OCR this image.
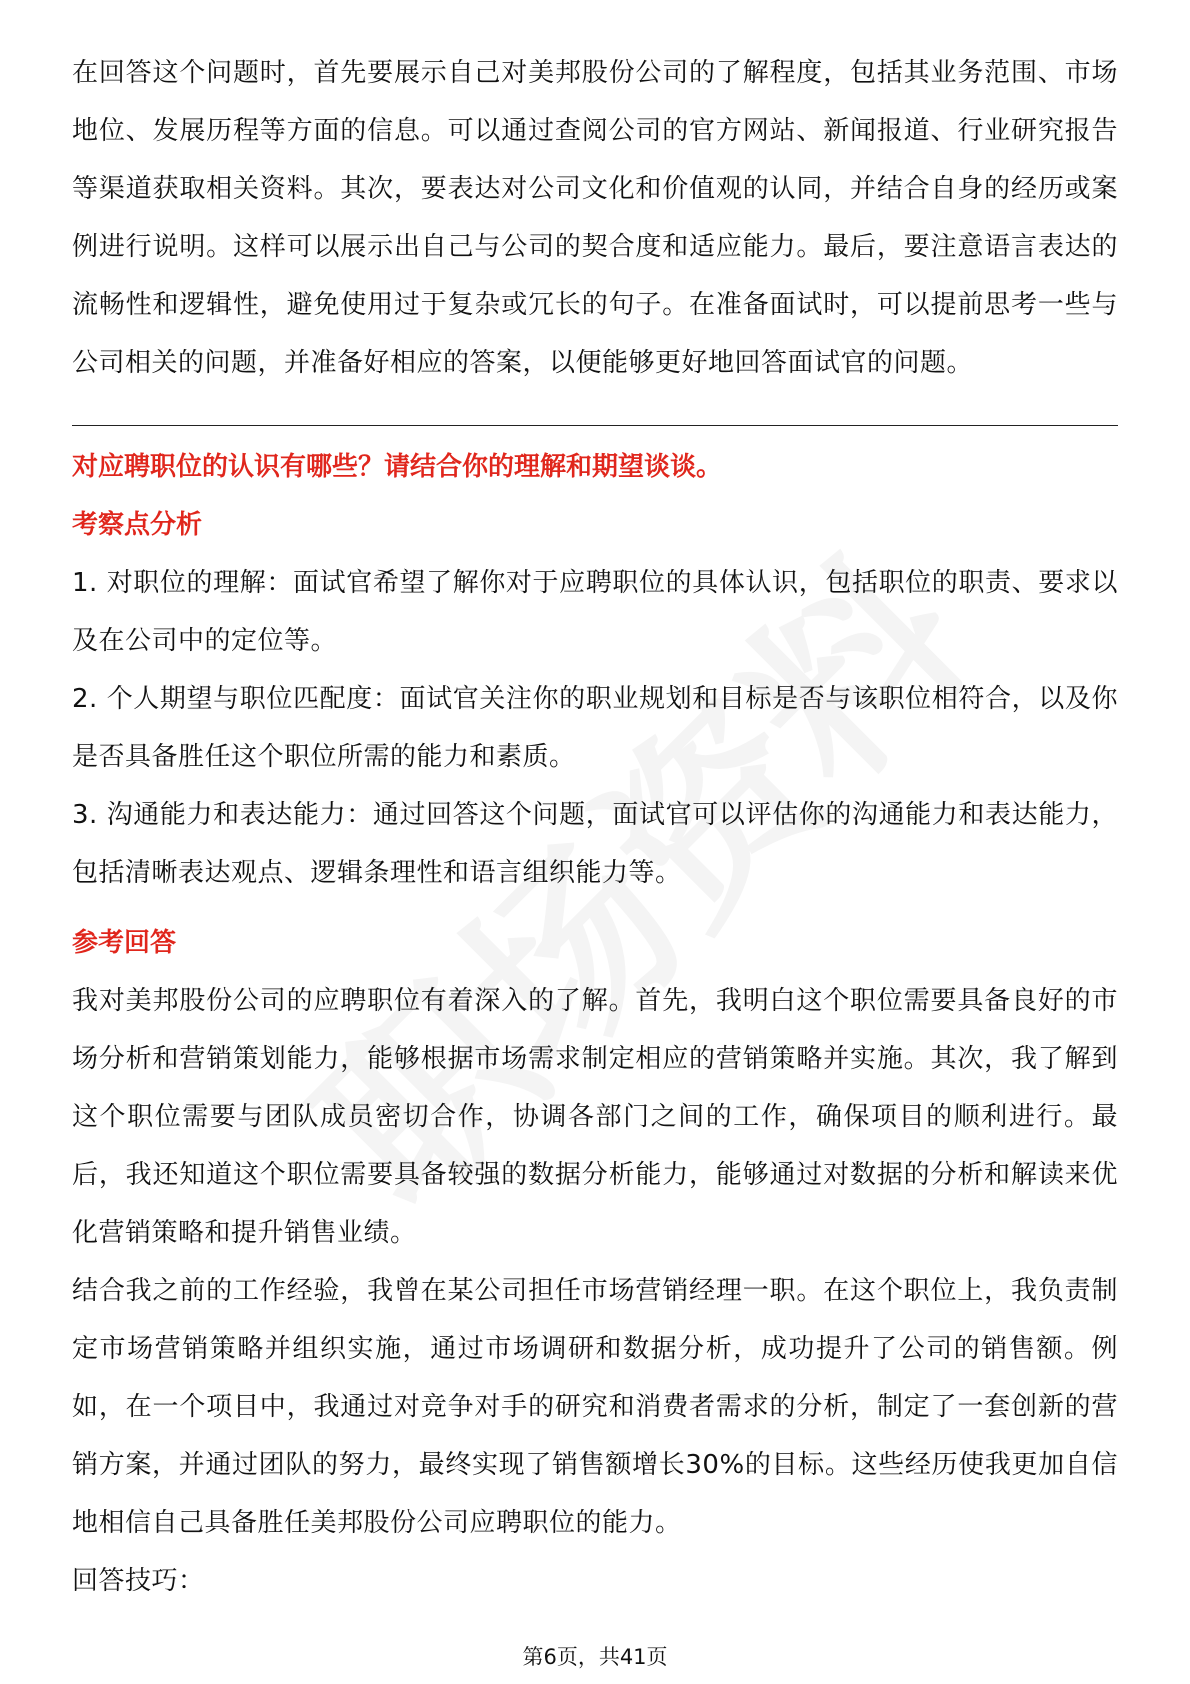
在回答这个问题时，首先要展示自己对美邦股份公司的了解程度，包括其业务范围、市场地位、发展历程等方面的信息。可以通过查阅公司的官方网站、新闻报道、行业研究报告等渠道获取相关资料。其次，要表达对公司文化和价值观的认同，并结合自身的经历或案例进行说明。这样可以展示出自己与公司的契合度和适应能力。最后，要注意语言表达的流畅性和逻辑性，避免使用过于复杂或冗长的句子。在准备面试时，可以提前思考一些与公司相关的问题，并准备好相应的答案，以便能够更好地回答面试官的问题。

对应聘职位的认识有哪些？请结合你的理解和期望谈谈。

考察点分析

1. 对职位的理解：面试官希望了解你对于应聘职位的具体认识，包括职位的职责、要求以及在公司中的定位等。

2. 个人期望与职位匹配度：面试官关注你的职业规划和目标是否与该职位相符合，以及你是否具备胜任这个职位所需的能力和素质。

3. 沟通能力和表达能力：通过回答这个问题，面试官可以评估你的沟通能力和表达能力，包括清晰表达观点、逻辑条理性和语言组织能力等。

参考回答

我对美邦股份公司的应聘职位有着深入的了解。首先，我明白这个职位需要具备良好的市场分析和营销策划能力，能够根据市场需求制定相应的营销策略并实施。其次，我了解到这个职位需要与团队成员密切合作，协调各部门之间的工作，确保项目的顺利进行。最后，我还知道这个职位需要具备较强的数据分析能力，能够通过对数据的分析和解读来优化营销策略和提升销售业绩。

结合我之前的工作经验，我曾在某公司担任市场营销经理一职。在这个职位上，我负责制定市场营销策略并组织实施，通过市场调研和数据分析，成功提升了公司的销售额。例如，在一个项目中，我通过对竞争对手的研究和消费者需求的分析，制定了一套创新的营销方案，并通过团队的努力，最终实现了销售额增长30%的目标。这些经历使我更加自信地相信自己具备胜任美邦股份公司应聘职位的能力。

回答技巧：

第6页，共41页
